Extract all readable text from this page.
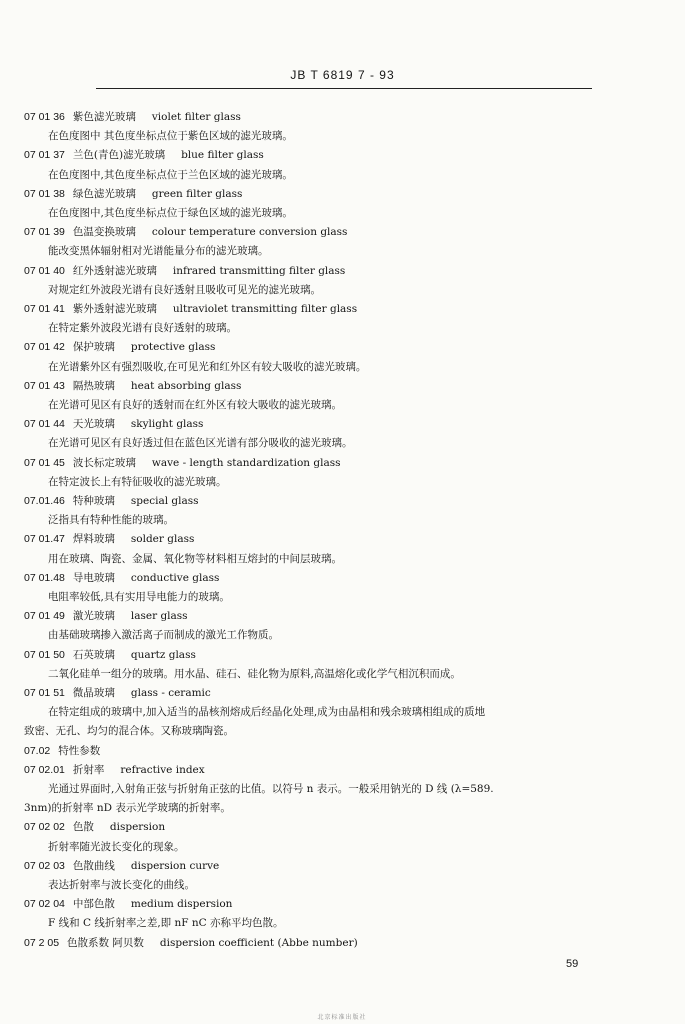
JB T 6819 7 - 93
07 01 36 紫色滤光玻璃 violet filter glass
在色度图中 其色度坐标点位于紫色区域的滤光玻璃。
07 01 37 兰色(青色)滤光玻璃 blue filter glass
在色度图中,其色度坐标点位于兰色区域的滤光玻璃。
07 01 38 绿色滤光玻璃 green filter glass
在色度图中,其色度坐标点位于绿色区域的滤光玻璃。
07 01 39 色温变换玻璃 colour temperature conversion glass
能改变黑体辐射相对光谱能量分布的滤光玻璃。
07 01 40 红外透射滤光玻璃 infrared transmitting filter glass
对规定红外波段光谱有良好透射且吸收可见光的滤光玻璃。
07 01 41 紫外透射滤光玻璃 ultraviolet transmitting filter glass
在特定紫外波段光谱有良好透射的玻璃。
07 01 42 保护玻璃 protective glass
在光谱紫外区有强烈吸收,在可见光和红外区有较大吸收的滤光玻璃。
07 01 43 隔热玻璃 heat absorbing glass
在光谱可见区有良好的透射而在红外区有较大吸收的滤光玻璃。
07 01 44 天光玻璃 skylight glass
在光谱可见区有良好透过但在蓝色区光谱有部分吸收的滤光玻璃。
07 01 45 波长标定玻璃 wave - length standardization glass
在特定波长上有特征吸收的滤光玻璃。
07.01.46 特种玻璃 special glass
泛指具有特种性能的玻璃。
07 01.47 焊料玻璃 solder glass
用在玻璃、陶瓷、金属、氧化物等材料相互熔封的中间层玻璃。
07 01.48 导电玻璃 conductive glass
电阻率较低,具有实用导电能力的玻璃。
07 01 49 激光玻璃 laser glass
由基础玻璃掺入激活离子而制成的激光工作物质。
07 01 50 石英玻璃 quartz glass
二氧化硅单一组分的玻璃。用水晶、硅石、硅化物为原料,高温熔化或化学气相沉积而成。
07 01 51 微晶玻璃 glass - ceramic
在特定组成的玻璃中,加入适当的晶核剂熔成后经晶化处理,成为由晶相和残余玻璃相组成的质地
致密、无孔、均匀的混合体。又称玻璃陶瓷。
07.02 特性参数
07 02.01 折射率 refractive index
光通过界面时,入射角正弦与折射角正弦的比值。以符号 n 表示。一般采用钠光的 D 线 (λ=589.
3nm)的折射率 nD 表示光学玻璃的折射率。
07 02 02 色散 dispersion
折射率随光波长变化的现象。
07 02 03 色散曲线 dispersion curve
表达折射率与波长变化的曲线。
07 02 04 中部色散 medium dispersion
F 线和 C 线折射率之差,即 nF nC 亦称平均色散。
07 2 05 色散系数 阿贝数 dispersion coefficient (Abbe number)
59
北京标准出版社
